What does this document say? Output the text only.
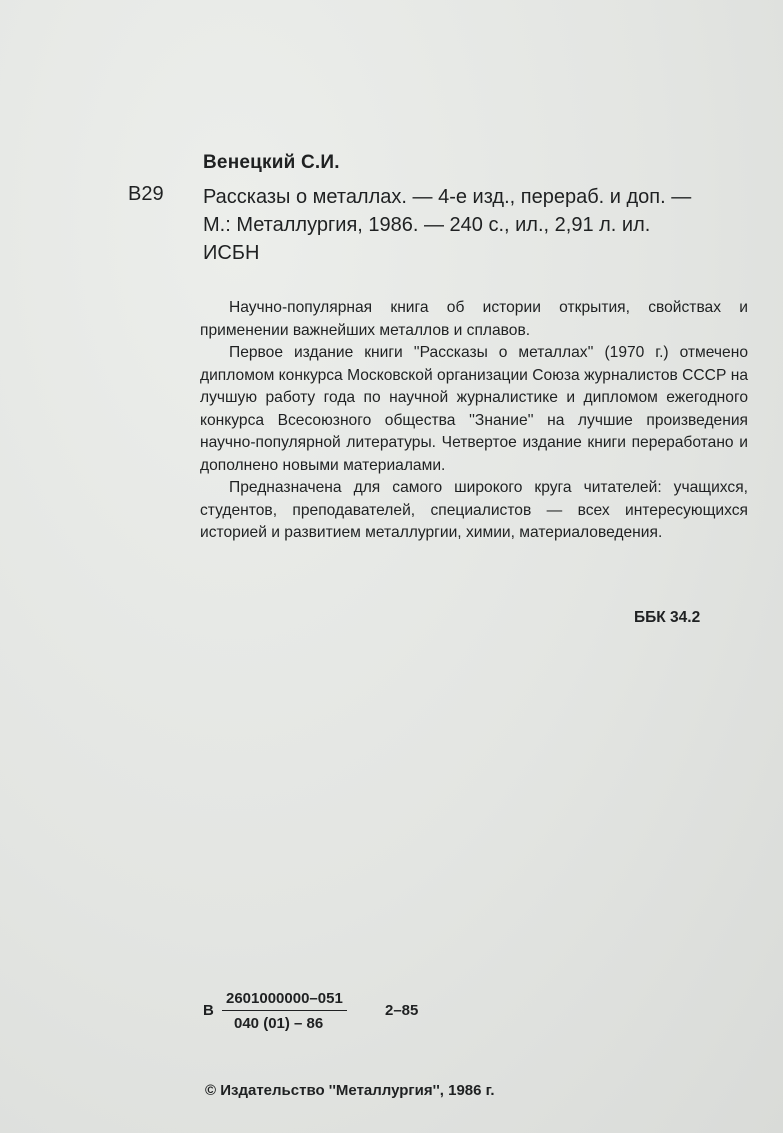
Венецкий С.И.
В29 Рассказы о металлах. — 4-е изд., перераб. и доп. —
М.: Металлургия, 1986. — 240 с., ил., 2,91 л. ил.
ИСБН

Научно-популярная книга об истории открытия, свойствах и применении важнейших металлов и сплавов.

Первое издание книги ''Рассказы о металлах'' (1970 г.) отмечено дипломом конкурса Московской организации Союза журналистов СССР на лучшую работу года по научной журналистике и дипломом ежегодного конкурса Всесоюзного общества ''Знание'' на лучшие произведения научно-популярной литературы. Четвертое издание книги переработано и дополнено новыми материалами.

Предназначена для самого широкого круга читателей: учащихся, студентов, преподавателей, специалистов — всех интересующихся историей и развитием металлургии, химии, материаловедения.

ББК 34.2
В $\frac{2601000000-051}{040 (01) - 86}$	2–85
© Издательство ''Металлургия'', 1986 г.
